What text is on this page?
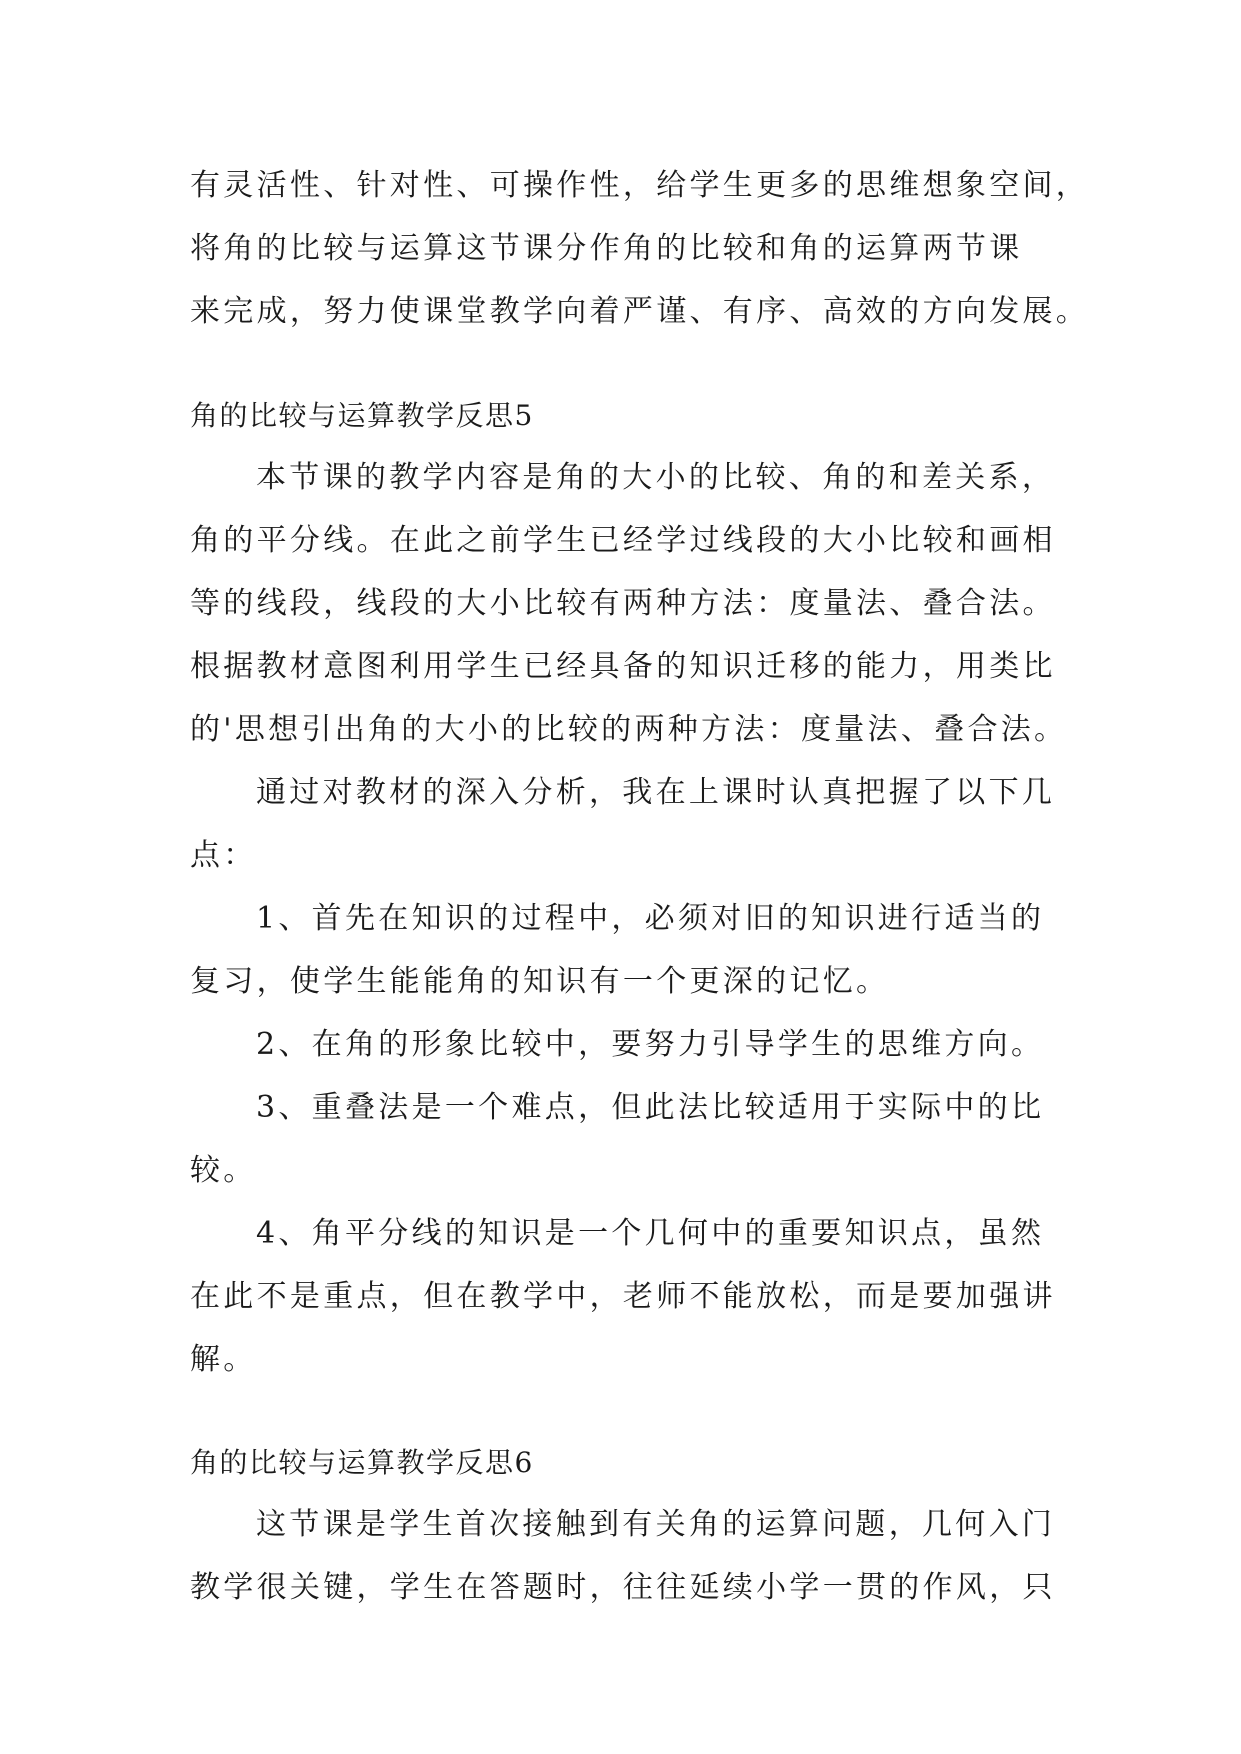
有灵活性、针对性、可操作性，给学生更多的思维想象空间，
将角的比较与运算这节课分作角的比较和角的运算两节课
来完成，努力使课堂教学向着严谨、有序、高效的方向发展。
角的比较与运算教学反思5
本节课的教学内容是角的大小的比较、角的和差关系，
角的平分线。在此之前学生已经学过线段的大小比较和画相
等的线段，线段的大小比较有两种方法：度量法、叠合法。
根据教材意图利用学生已经具备的知识迁移的能力，用类比
的'思想引出角的大小的比较的两种方法：度量法、叠合法。
通过对教材的深入分析，我在上课时认真把握了以下几
点：
1、首先在知识的过程中，必须对旧的知识进行适当的
复习，使学生能能角的知识有一个更深的记忆。
2、在角的形象比较中，要努力引导学生的思维方向。
3、重叠法是一个难点，但此法比较适用于实际中的比
较。
4、角平分线的知识是一个几何中的重要知识点，虽然
在此不是重点，但在教学中，老师不能放松，而是要加强讲
解。
角的比较与运算教学反思6
这节课是学生首次接触到有关角的运算问题，几何入门
教学很关键，学生在答题时，往往延续小学一贯的作风，只
